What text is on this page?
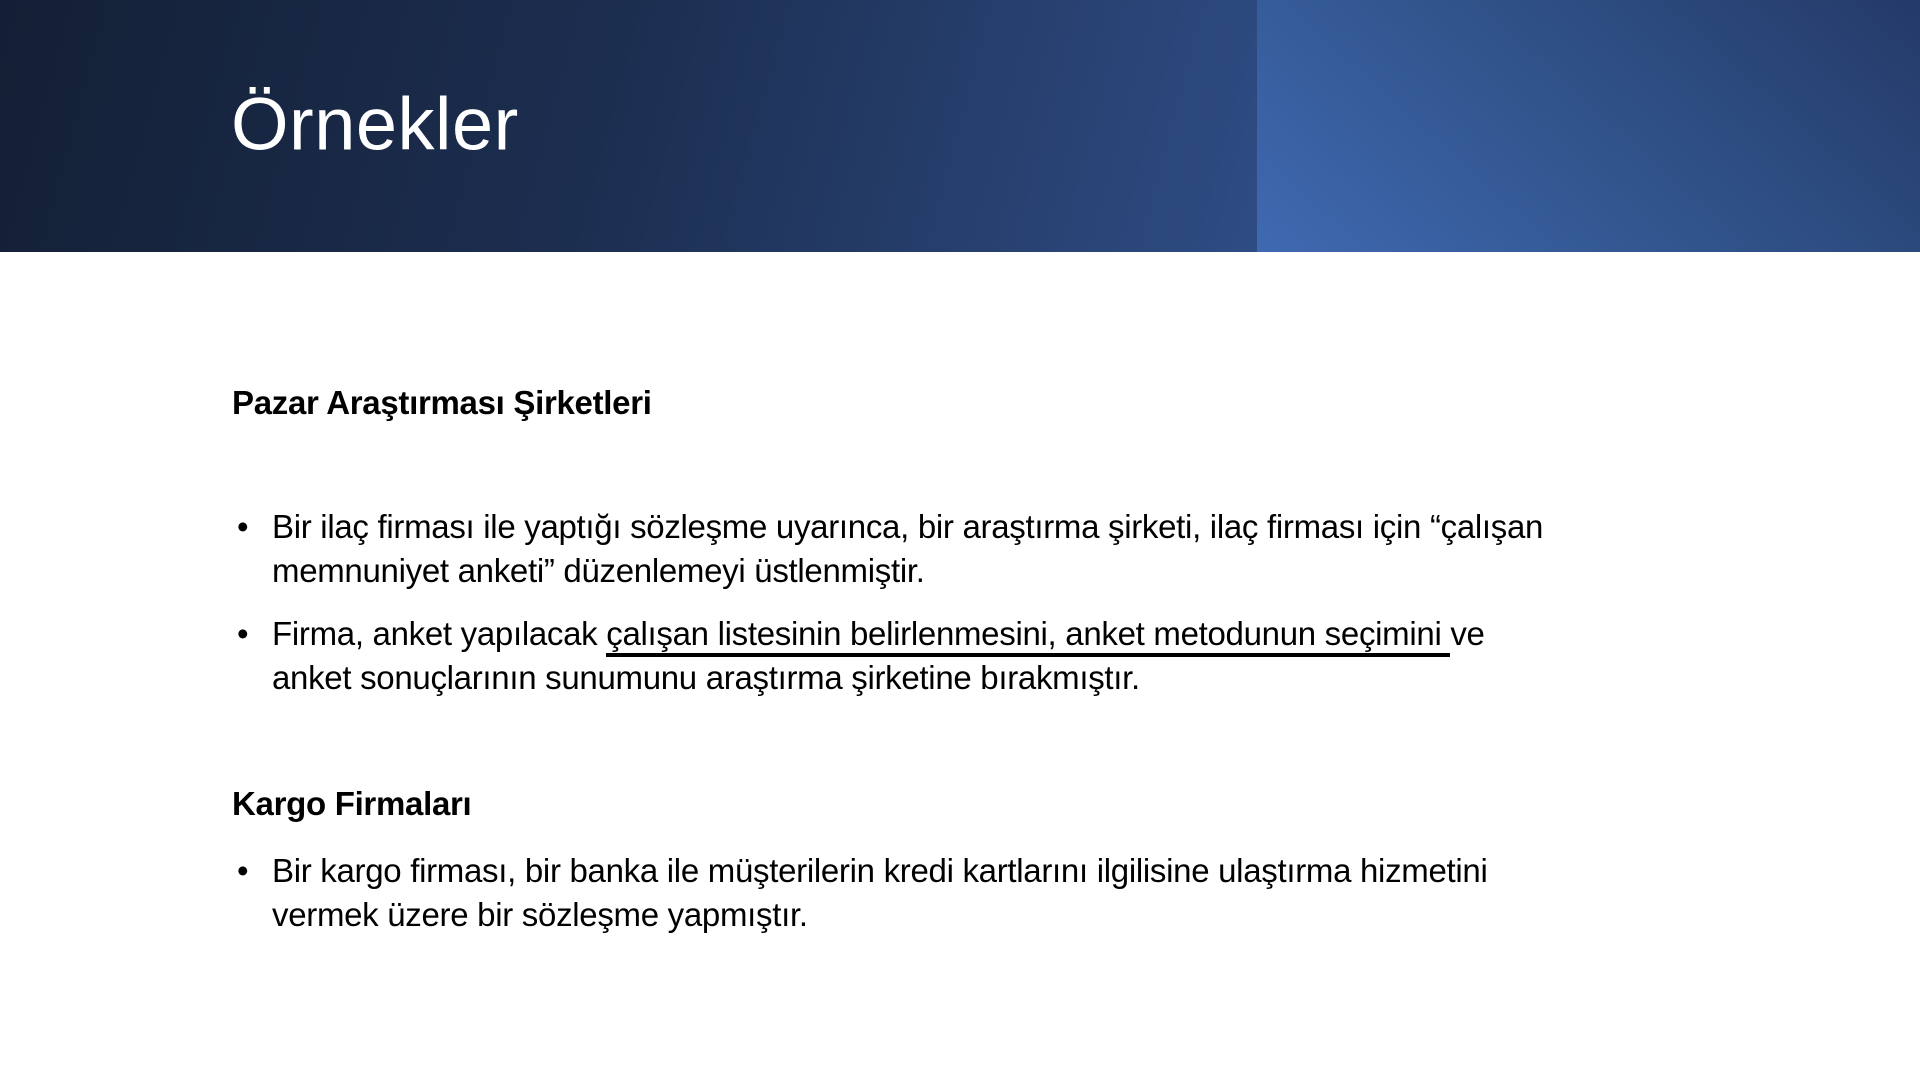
Örnekler
Pazar Araştırması Şirketleri
• Bir ilaç firması ile yaptığı sözleşme uyarınca, bir araştırma şirketi, ilaç firması için “çalışan
memnuniyet anketi” düzenlemeyi üstlenmiştir.
• Firma, anket yapılacak çalışan listesinin belirlenmesini, anket metodunun seçimini ve
anket sonuçlarının sunumunu araştırma şirketine bırakmıştır.
Kargo Firmaları
• Bir kargo firması, bir banka ile müşterilerin kredi kartlarını ilgilisine ulaştırma hizmetini
vermek üzere bir sözleşme yapmıştır.
